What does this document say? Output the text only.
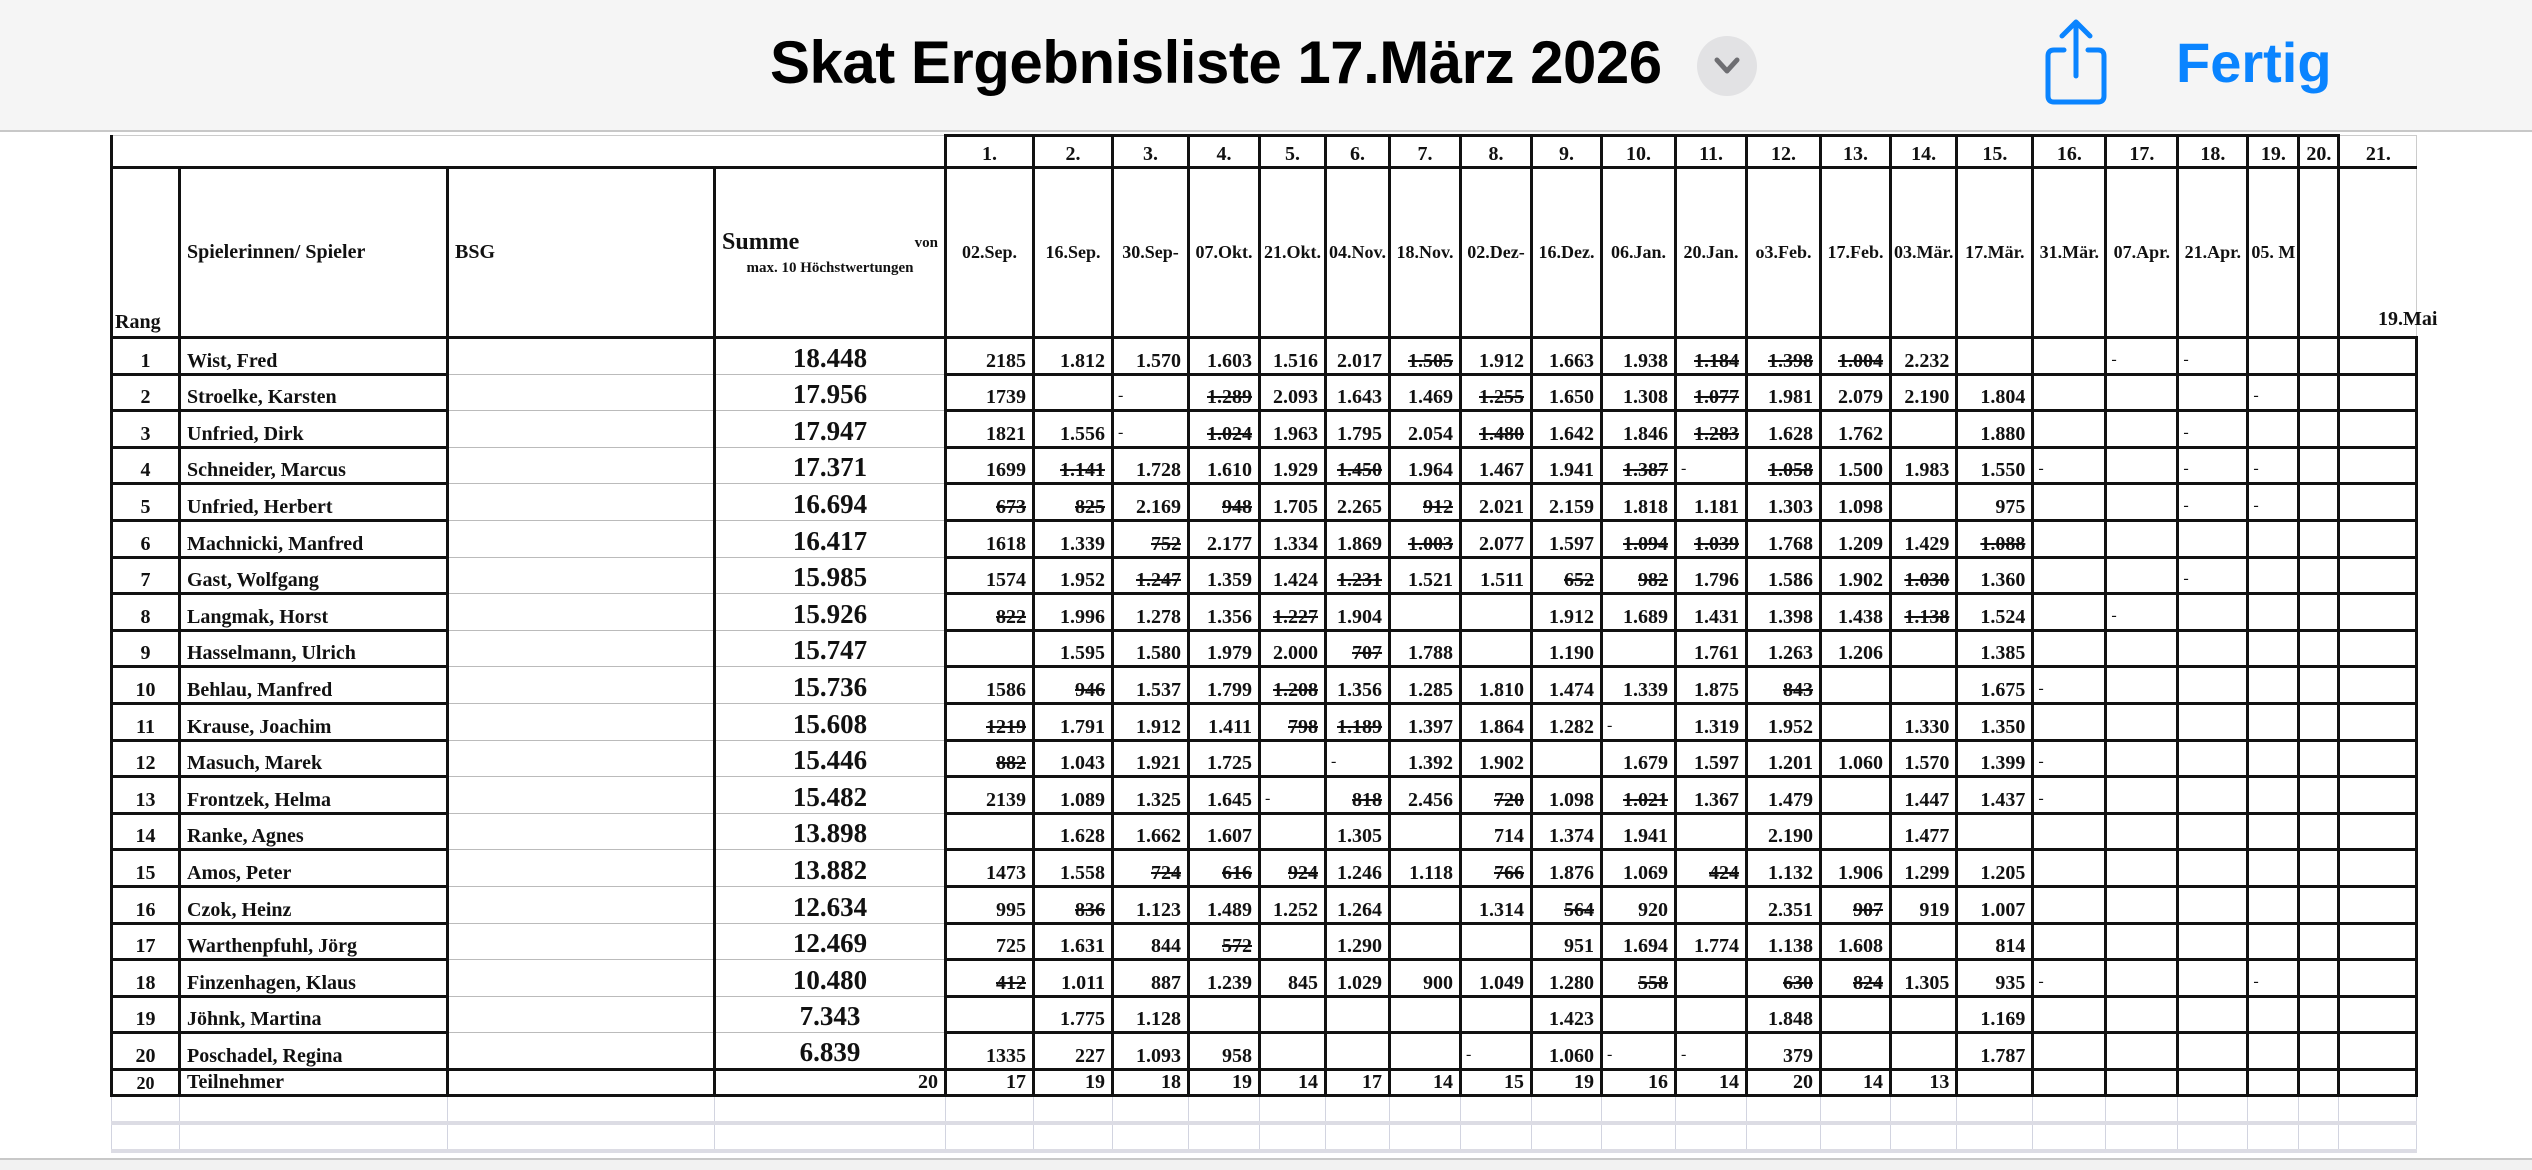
Skat Ergebnisliste 17.März 2026	Fertig
				1.	2.	3.	4.	5.	6.	7.	8.	9.	10.	11.	12.	13.	14.	15.	16.	17.	18.	19.	20.	21.
Rang	Spielerinnen/ Spieler	BSG	Summe von
max. 10 Höchstwertungen	02.Sep.	16.Sep.	30.Sep-	07.Okt.	21.Okt.	04.Nov.	18.Nov.	02.Dez-	16.Dez.	06.Jan.	20.Jan.	o3.Feb.	17.Feb.	03.Mär.	17.Mär.	31.Mär.	07.Apr.	21.Apr.	05. M		
1	Wist, Fred		18.448	2185	1.812	1.570	1.603	1.516	2.017	1.505	1.912	1.663	1.938	1.184	1.398	1.004	2.232			-	-			

2	Stroelke, Karsten		17.956	1739		-	1.289	2.093	1.643	1.469	1.255	1.650	1.308	1.077	1.981	2.079	2.190	1.804				-		

3	Unfried, Dirk		17.947	1821	1.556	-	1.024	1.963	1.795	2.054	1.480	1.642	1.846	1.283	1.628	1.762		1.880			-			

4	Schneider, Marcus		17.371	1699	1.141	1.728	1.610	1.929	1.450	1.964	1.467	1.941	1.387	-	1.058	1.500	1.983	1.550	-		-	-		

5	Unfried, Herbert		16.694	673	825	2.169	948	1.705	2.265	912	2.021	2.159	1.818	1.181	1.303	1.098		975			-	-		

6	Machnicki, Manfred		16.417	1618	1.339	752	2.177	1.334	1.869	1.003	2.077	1.597	1.094	1.039	1.768	1.209	1.429	1.088						
7	Gast, Wolfgang		15.985	1574	1.952	1.247	1.359	1.424	1.231	1.521	1.511	652	982	1.796	1.586	1.902	1.030	1.360			-			

8	Langmak, Horst		15.926	822	1.996	1.278	1.356	1.227	1.904			1.912	1.689	1.431	1.398	1.438	1.138	1.524		-				

9	Hasselmann, Ulrich		15.747		1.595	1.580	1.979	2.000	707	1.788		1.190		1.761	1.263	1.206		1.385						
10	Behlau, Manfred		15.736	1586	946	1.537	1.799	1.208	1.356	1.285	1.810	1.474	1.339	1.875	843			1.675	-					

11	Krause, Joachim		15.608	1219	1.791	1.912	1.411	798	1.189	1.397	1.864	1.282	-	1.319	1.952		1.330	1.350						
12	Masuch, Marek		15.446	882	1.043	1.921	1.725		-	1.392	1.902		1.679	1.597	1.201	1.060	1.570	1.399	-					

13	Frontzek, Helma		15.482	2139	1.089	1.325	1.645	-	818	2.456	720	1.098	1.021	1.367	1.479		1.447	1.437	-					

14	Ranke, Agnes		13.898		1.628	1.662	1.607		1.305		714	1.374	1.941		2.190		1.477							
15	Amos, Peter		13.882	1473	1.558	724	616	924	1.246	1.118	766	1.876	1.069	424	1.132	1.906	1.299	1.205						
16	Czok, Heinz		12.634	995	836	1.123	1.489	1.252	1.264		1.314	564	920		2.351	907	919	1.007						
17	Warthenpfuhl, Jörg		12.469	725	1.631	844	572		1.290			951	1.694	1.774	1.138	1.608		814						
18	Finzenhagen, Klaus		10.480	412	1.011	887	1.239	845	1.029	900	1.049	1.280	558		630	824	1.305	935	-			-		

19	Jöhnk, Martina		7.343		1.775	1.128						1.423			1.848			1.169						
20	Poschadel, Regina		6.839	1335	227	1.093	958				-	1.060	-	-	379			1.787						
20	Teilnehmer		20	17	19	18	19	14	17	14	15	19	16	14	20	14	13							

19.Mai
